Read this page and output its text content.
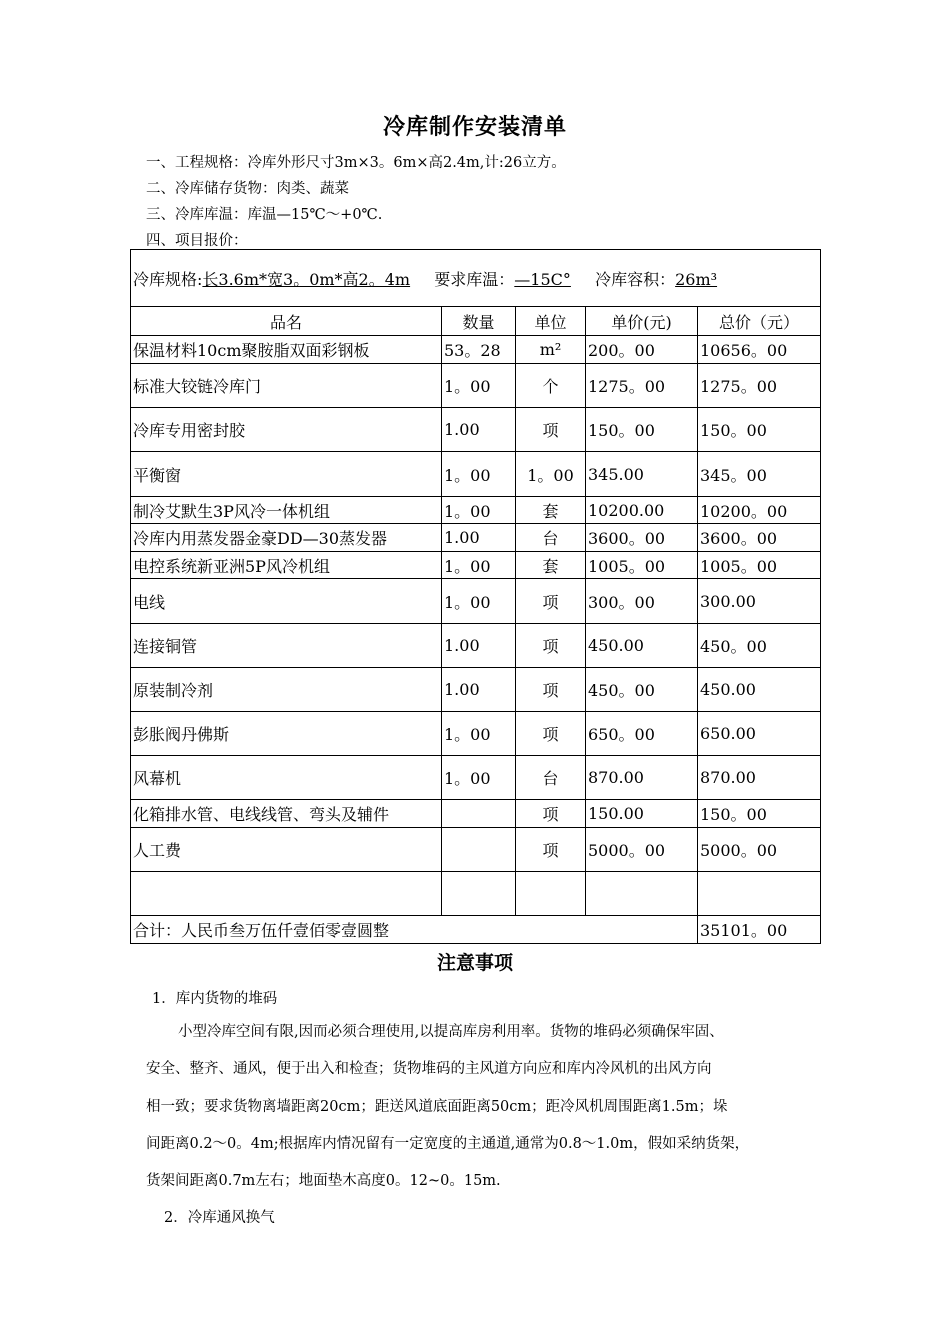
冷库制作安装清单
一、工程规格：冷库外形尺寸3m×3。6m×高2.4m,计:26立方。
二、冷库储存货物：肉类、蔬菜
三、冷库库温：库温—15℃～+0℃.
四、项目报价：
冷库规格:长3.6m*宽3。0m*高2。4m 要求库温：—15C° 冷库容积：26m³				
品名	数量	单位	单价(元)	总价（元）
保温材料10cm聚胺脂双面彩钢板	53。28	m²	200。00	10656。00
标准大铰链冷库门	1。00	个	1275。00	1275。00
冷库专用密封胶	1.00	项	150。00	150。00
平衡窗	1。00	1。00	345.00	345。00
制冷艾默生3P风冷一体机组	1。00	套	10200.00	10200。00
冷库内用蒸发器金豪DD—30蒸发器	1.00	台	3600。00	3600。00
电控系统新亚洲5P风冷机组	1。00	套	1005。00	1005。00
电线	1。00	项	300。00	300.00
连接铜管	1.00	项	450.00	450。00
原装制冷剂	1.00	项	450。00	450.00
彭胀阀丹佛斯	1。00	项	650。00	650.00
风幕机	1。00	台	870.00	870.00
化箱排水管、电线线管、弯头及辅件		项	150.00	150。00
人工费		项	5000。00	5000。00

合计：人民币叁万伍仟壹佰零壹圆整				35101。00
注意事项
1．库内货物的堆码
小型冷库空间有限,因而必须合理使用,以提高库房利用率。货物的堆码必须确保牢固、
安全、整齐、通风，便于出入和检查；货物堆码的主风道方向应和库内冷风机的出风方向
相一致；要求货物离墙距离20cm；距送风道底面距离50cm；距冷风机周围距离1.5m；垛
间距离0.2～0。4m;根据库内情况留有一定宽度的主通道,通常为0.8～1.0m，假如采纳货架，
货架间距离0.7m左右；地面垫木高度0。12~0。15m.
2．冷库通风换气
